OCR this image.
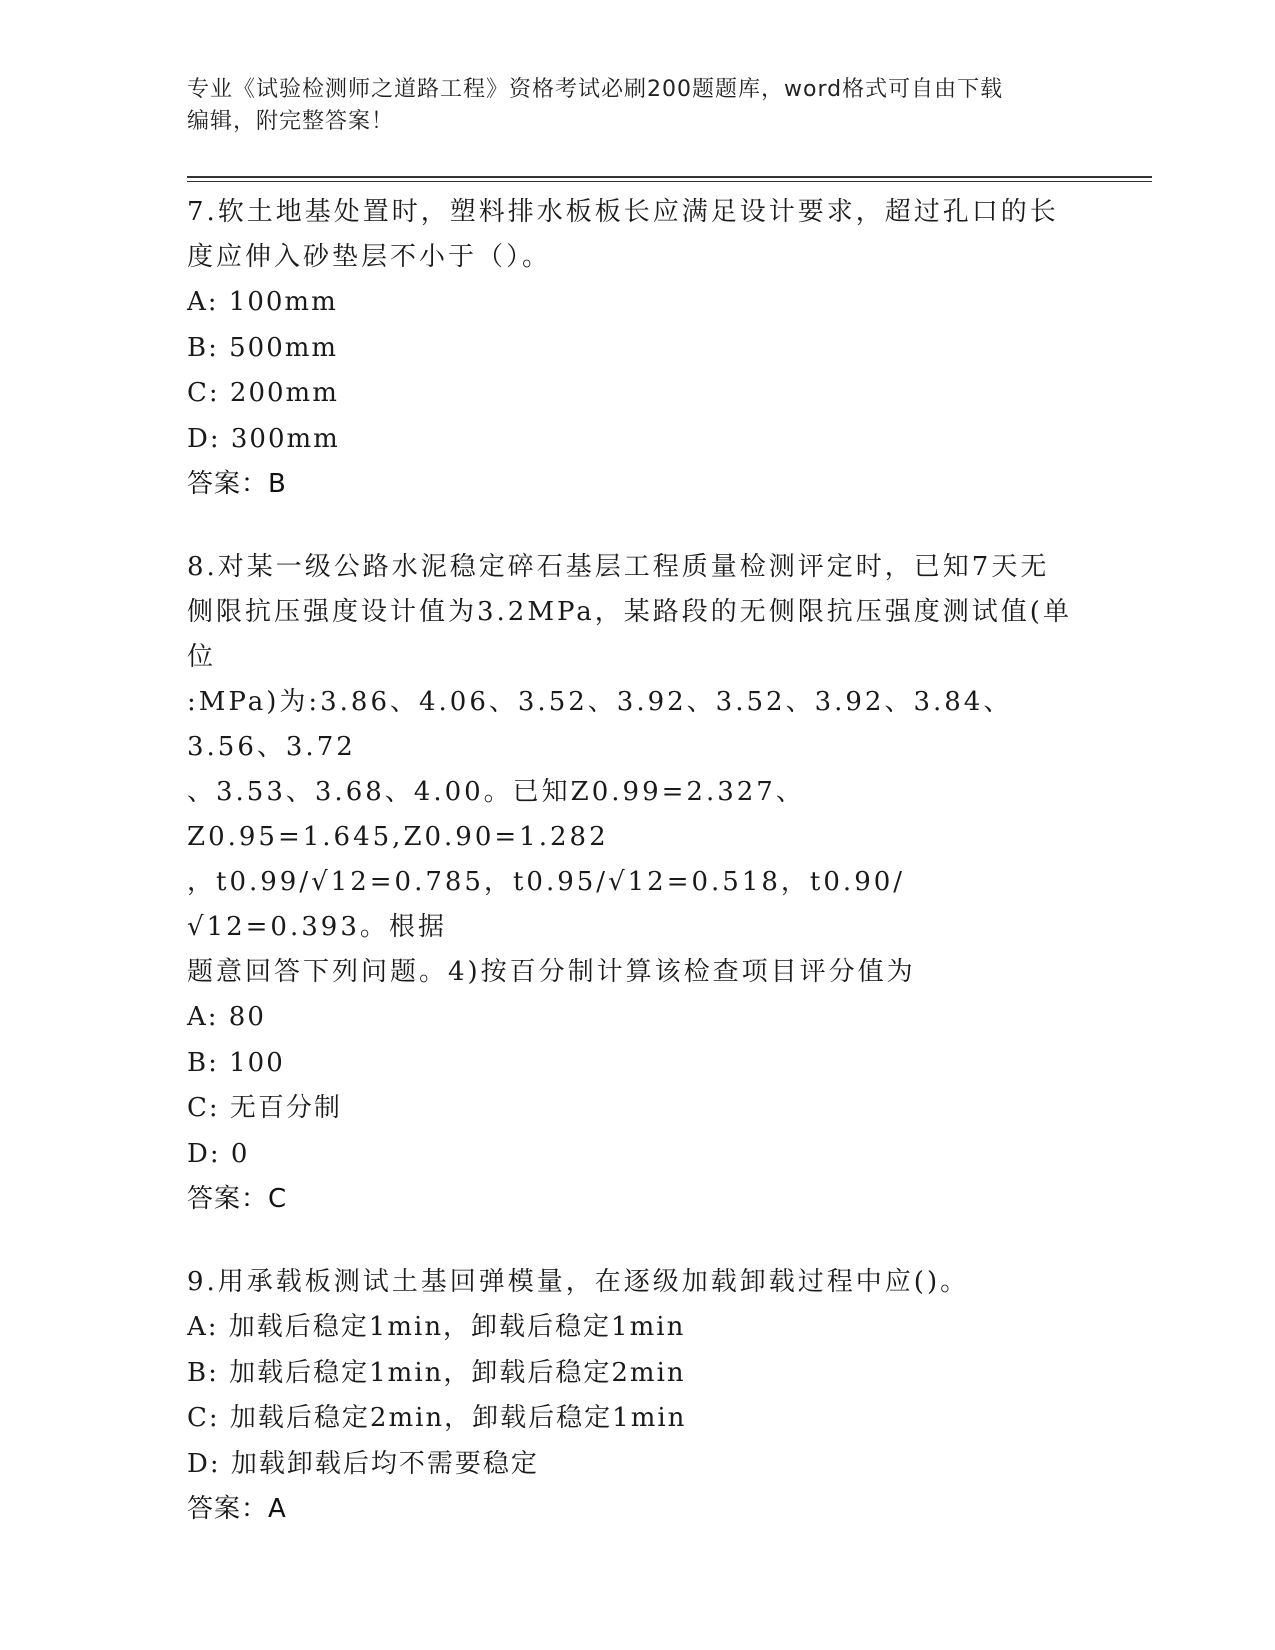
专业《试验检测师之道路工程》资格考试必刷200题题库，word格式可自由下载
编辑，附完整答案！

7.软土地基处置时，塑料排水板板长应满足设计要求，超过孔口的长

度应伸入砂垫层不小于（）。

A: 100mm

B: 500mm

C: 200mm

D: 300mm

答案：B

8.对某一级公路水泥稳定碎石基层工程质量检测评定时，已知7天无

侧限抗压强度设计值为3.2MPa，某路段的无侧限抗压强度测试值(单位

:MPa)为:3.86、4.06、3.52、3.92、3.52、3.92、3.84、3.56、3.72

、3.53、3.68、4.00。已知Z0.99=2.327、Z0.95=1.645,Z0.90=1.282

，t0.99/√12=0.785，t0.95/√12=0.518，t0.90/√12=0.393。根据

题意回答下列问题。4)按百分制计算该检查项目评分值为

A: 80

B: 100

C: 无百分制

D: 0

答案：C

9.用承载板测试土基回弹模量，在逐级加载卸载过程中应()。

A: 加载后稳定1min，卸载后稳定1min

B: 加载后稳定1min，卸载后稳定2min

C: 加载后稳定2min，卸载后稳定1min

D: 加载卸载后均不需要稳定

答案：A
